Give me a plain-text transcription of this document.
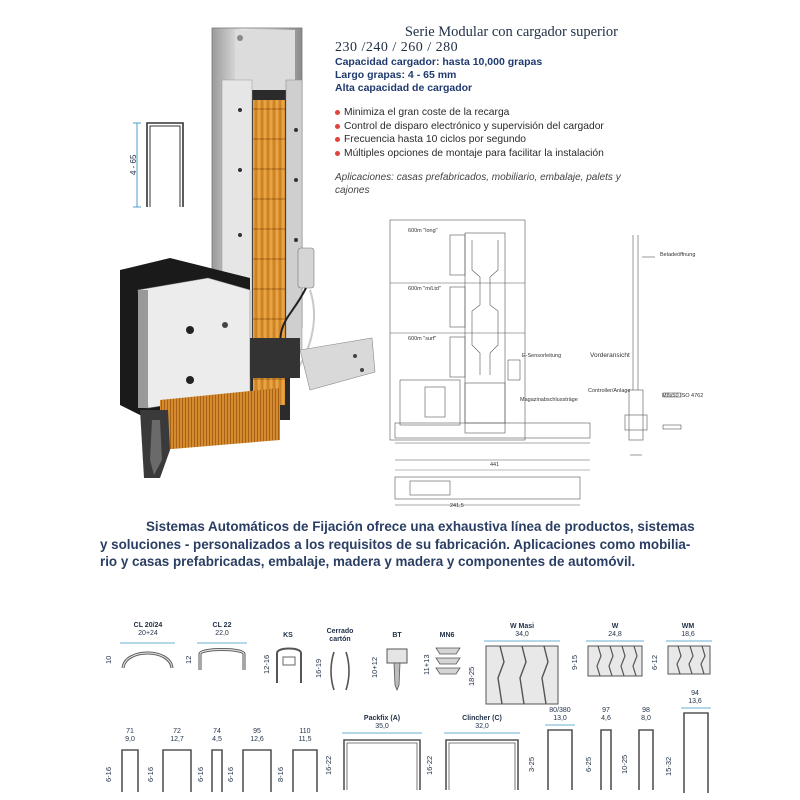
4 - 65
Serie Modular con cargador superior
230 /240 / 260 / 280
Capacidad cargador: hasta 10,000 grapas
Largo grapas: 4 - 65 mm
Alta capacidad de cargador
Minimiza el gran coste de la recarga
Control de disparo electrónico y supervisión del cargador
Frecuencia hasta 10 ciclos por segundo
Múltiples opciones de montaje para facilitar la instalación
Aplicaciones: casas prefabricados, mobiliario, embalaje, palets y cajones
Beladeöffnung
Vorderansicht
E-Sensorleitung
Magazinabschlussträge
Controller/Anlage
M8x50 ISO 4762
600m "long"
600m "m/Ltd"
600m "surf"
441
241,5
Sistemas Automáticos de Fijación ofrece una exhaustiva línea de productos, sistemas
y soluciones - personalizados a los requisitos de su fabricación. Aplicaciones como mobilia-
rio y casas prefabricadas, embalaje, madera y madera y componentes de automóvil.
CL 20/24
20+24
10
CL 22
22,0
12
KS
12-16
Cerrado cartón
16-19
BT
10+12
MN6
11+13
W Masi
34,0
18-25
W
24,8
9-15
WM
18,6
6-12
71
9,0
6-16
72
12,7
6-16
74
4,5
6-16
95
12,6
6-16
110
11,5
8-16
Packfix (A)
35,0
16-22
Clincher (C)
32,0
16-22
80/380
13,0
3-25
97
4,6
6-25
98
8,0
10-25
94
13,6
15-32
